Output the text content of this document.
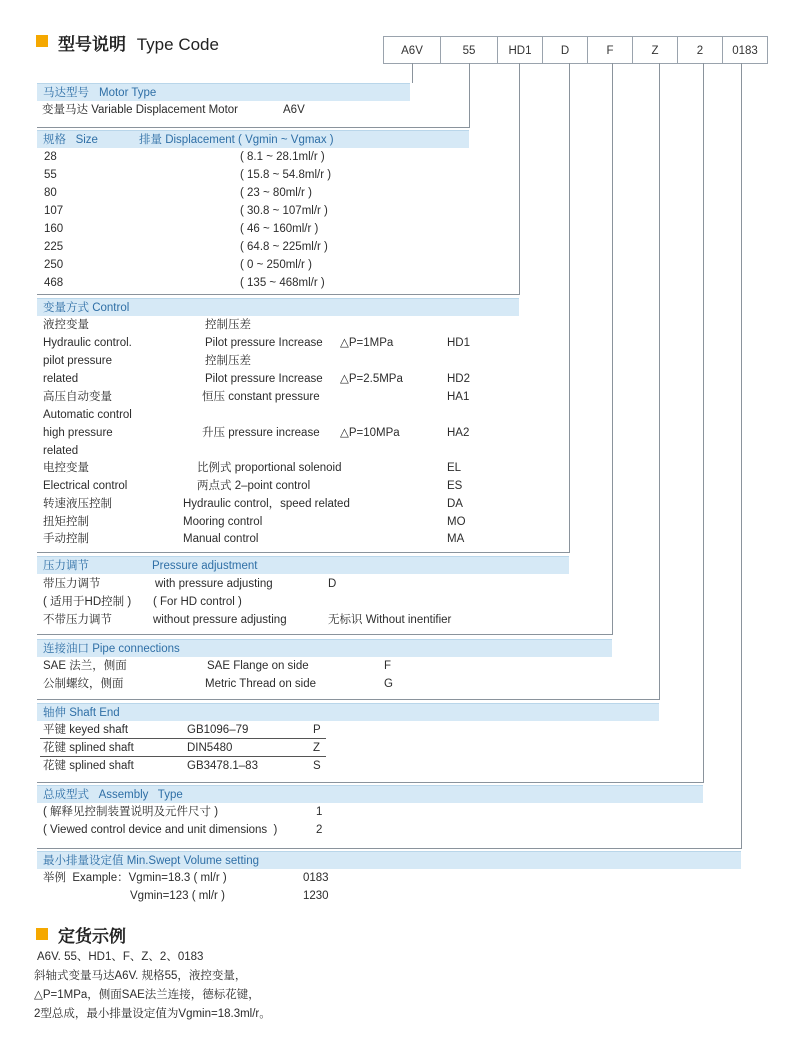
型号说明 Type Code	A6V	55	HD1	D	F	Z	2	0183
马达型号 Motor Type
变量马达 Variable Displacement Motor	A6V
规格   Size	排量 Displacement ( Vgmin ~ Vgmax )
28	( 8.1 ~ 28.1ml/r )
55	( 15.8 ~ 54.8ml/r )
80	( 23 ~ 80ml/r )
107	( 30.8 ~ 107ml/r )
160	( 46 ~ 160ml/r )
225	( 64.8 ~ 225ml/r )
250	( 0 ~ 250ml/r )
468	( 135 ~ 468ml/r )
变量方式 Control
液控变量	控制压差
Hydraulic control.	Pilot pressure Increase △P=1MPa	HD1
pilot pressure	控制压差
related	Pilot pressure Increase △P=2.5MPa	HD2
高压自动变量	恒压 constant pressure	HA1
Automatic control
high pressure	升压 pressure increase △P=10MPa	HA2
related
电控变量	比例式 proportional solenoid	EL
Electrical control	两点式 2–point control	ES
转速液压控制	Hydraulic control，speed related	DA
扭矩控制	Mooring control	MO
手动控制	Manual control	MA
压力调节	Pressure adjustment
带压力调节	with pressure adjusting	D
( 适用于HD控制 ) ( For HD control )
不带压力调节	without pressure adjusting	无标识 Without inentifier
连接油口 Pipe connections
SAE 法兰，侧面	SAE Flange on side	F
公制螺纹，侧面	Metric Thread on side	G
轴伸 Shaft End
平键 keyed shaft	GB1096–79	P
花键 splined shaft	DIN5480	Z
花键 splined shaft	GB3478.1–83	S
总成型式   Assembly   Type
( 解释见控制装置说明及元件尺寸 )	1
( Viewed control device and unit dimensions  )	2
最小排量设定值 Min.Swept Volume setting
举例  Example：Vgmin=18.3 ( ml/r )	0183
Vgmin=123 ( ml/r )	1230
定货示例
A6V. 55、HD1、F、Z、2、0183
斜轴式变量马达A6V. 规格55，液控变量，
△P=1MPa，侧面SAE法兰连接，德标花键，
2型总成，最小排量设定值为Vgmin=18.3ml/r。
